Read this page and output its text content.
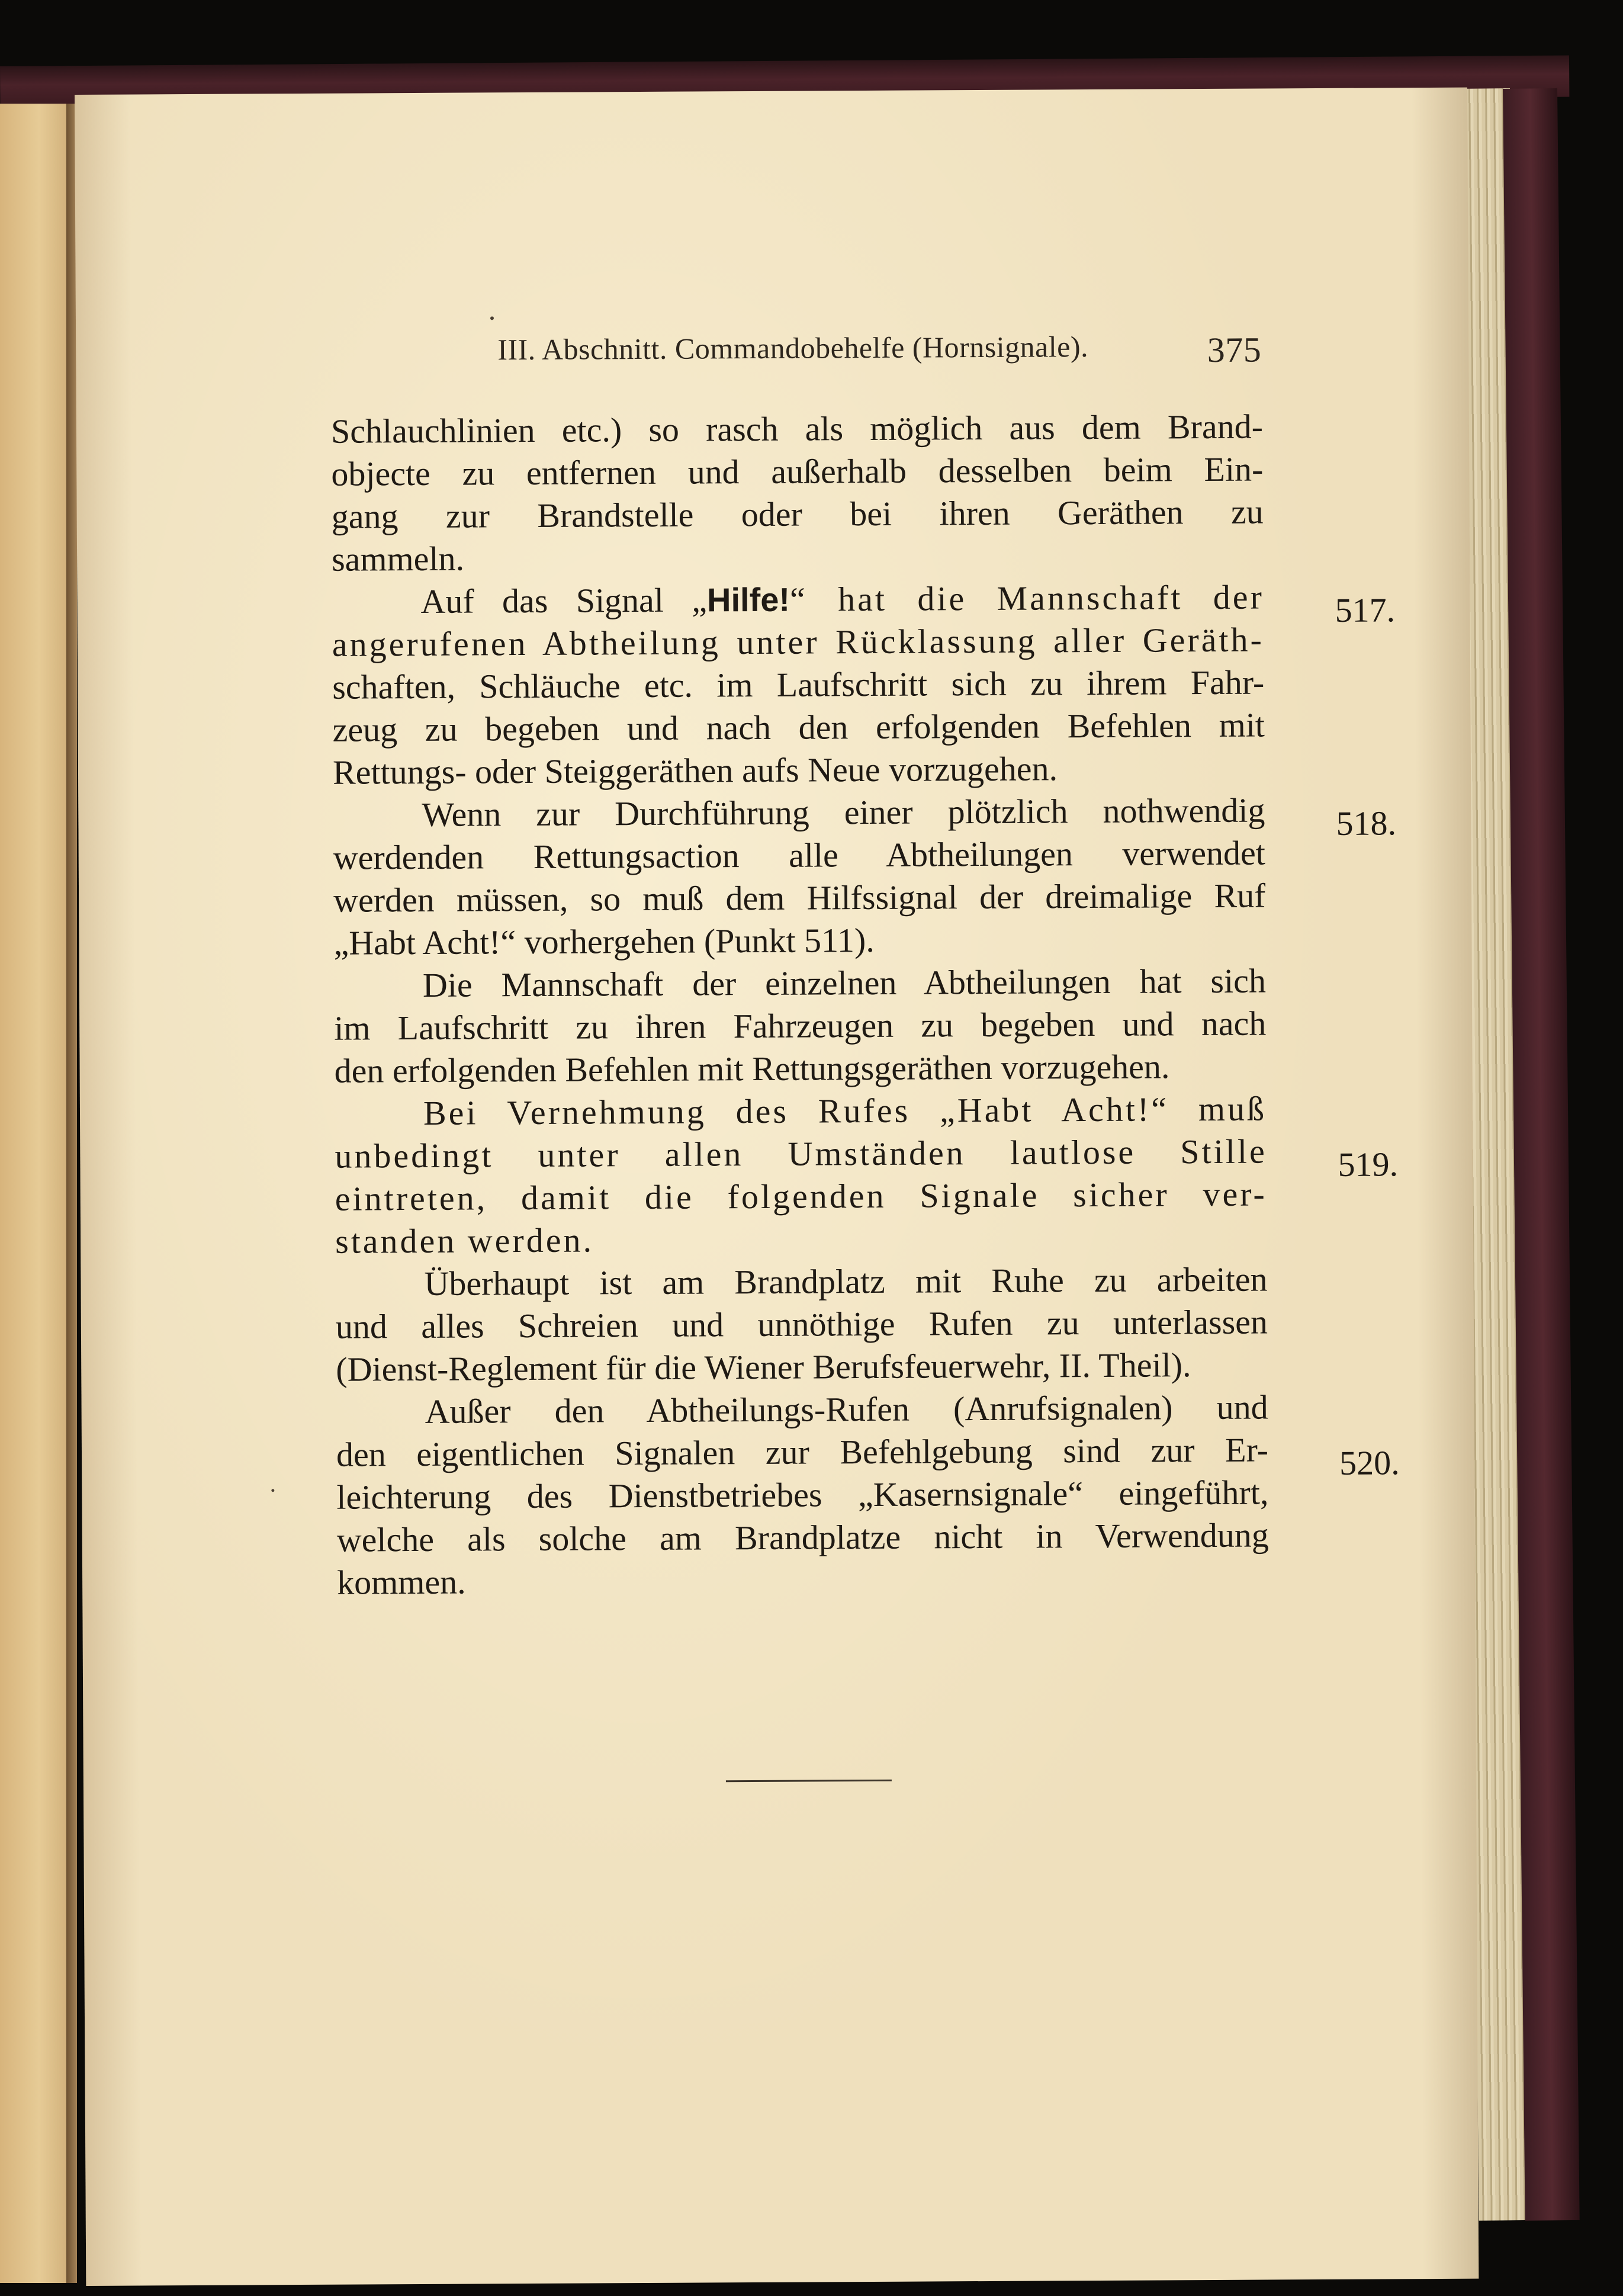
III. Abschnitt. Commandobehelfe (Hornsignale).	375
Schlauchlinien etc.) so rasch als möglich aus dem Brand-
objecte zu entfernen und außerhalb desselben beim Ein-
gang zur Brandstelle oder bei ihren Geräthen zu
sammeln.
Auf das Signal „Hilfe!“ hat die Mannschaft der
angerufenen Abtheilung unter Rücklassung aller Geräth-
schaften, Schläuche etc. im Laufschritt sich zu ihrem Fahr-
zeug zu begeben und nach den erfolgenden Befehlen mit
Rettungs- oder Steiggeräthen aufs Neue vorzugehen.
Wenn zur Durchführung einer plötzlich nothwendig
werdenden Rettungsaction alle Abtheilungen verwendet
werden müssen, so muß dem Hilfssignal der dreimalige Ruf
„Habt Acht!“ vorhergehen (Punkt 511).
Die Mannschaft der einzelnen Abtheilungen hat sich
im Laufschritt zu ihren Fahrzeugen zu begeben und nach
den erfolgenden Befehlen mit Rettungsgeräthen vorzugehen.
Bei Vernehmung des Rufes „Habt Acht!“ muß
unbedingt unter allen Umständen lautlose Stille
eintreten, damit die folgenden Signale sicher ver-
standen werden.
Überhaupt ist am Brandplatz mit Ruhe zu arbeiten
und alles Schreien und unnöthige Rufen zu unterlassen
(Dienst-Reglement für die Wiener Berufsfeuerwehr, II. Theil).
Außer den Abtheilungs-Rufen (Anrufsignalen) und
den eigentlichen Signalen zur Befehlgebung sind zur Er-
leichterung des Dienstbetriebes „Kasernsignale“ eingeführt,
welche als solche am Brandplatze nicht in Verwendung
kommen.
517.
518.
519.
520.
